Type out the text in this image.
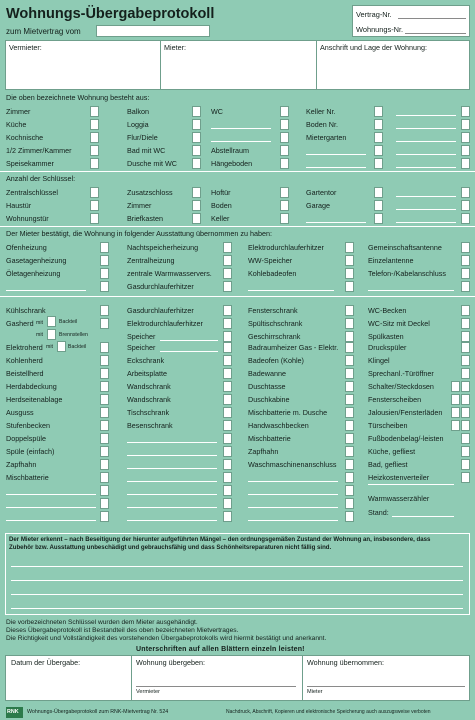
Wohnungs-Übergabeprotokoll
zum Mietvertrag vom
Vertrag-Nr.
Wohnungs-Nr.
Vermieter:	Mieter:	Anschrift und Lage der Wohnung:
Die oben bezeichnete Wohnung besteht aus:
Zimmer
Küche
Kochnische
1/2 Zimmer/Kammer
Speisekammer
Balkon
Loggia
Flur/Diele
Bad mit WC
Dusche mit WC
WC
Abstellraum
Hängeboden
Keller Nr.
Boden Nr.
Mietergarten
Anzahl der Schlüssel:
Zentralschlüssel
Haustür
Wohnungstür
Zusatzschloss
Zimmer
Briefkasten
Hoftür
Boden
Keller
Gartentor
Garage
Der Mieter bestätigt, die Wohnung in folgender Ausstattung übernommen zu haben:
Ofenheizung
Gasetagenheizung
Öletagenheizung
Nachtspeicherheizung
Zentralheizung
zentrale Warmwasservers.
Gasdurchlauferhitzer
Elektrodurchlauferhitzer
WW-Speicher
Kohlebadeofen
Gemeinschaftsantenne
Einzelantenne
Telefon-/Kabelanschluss
Kühlschrank
Gasherd mit	Backteil
mit	Brennstellen
Elektroherd mit	Backteil
Kohlenherd
Beistellherd
Herdabdeckung
Herdseitenablage
Ausguss
Stufenbecken
Doppelspüle
Spüle (einfach)
Zapfhahn
Mischbatterie
Gasdurchlauferhitzer
Elektrodurchlauferhitzer
Speicher
Speicher
Eckschrank
Arbeitsplatte
Wandschrank
Wandschrank
Tischschrank
Besenschrank
Fensterschrank
Spültischschrank
Geschirrschrank
Badraumheizer Gas - Elektr.
Badeofen (Kohle)
Badewanne
Duschtasse
Duschkabine
Mischbatterie m. Dusche
Handwaschbecken
Mischbatterie
Zapfhahn
Waschmaschinenanschluss
WC-Becken
WC-Sitz mit Deckel
Spülkasten
Druckspüler
Klingel
Sprechanl.-Türöffner
Schalter/Steckdosen
Fensterscheiben
Jalousien/Fensterläden
Türscheiben
Fußbodenbelag/-leisten
Küche, gefliest
Bad, gefliest
Heizkostenverteiler
Warmwasserzähler
Stand:
Der Mieter erkennt – nach Beseitigung der hierunter aufgeführten Mängel – den ordnungsgemäßen Zustand der Wohnung an, insbesondere, dass
Zubehör bzw. Ausstattung unbeschädigt und gebrauchsfähig und dass Schönheitsreparaturen nicht fällig sind.
Die vorbezeichneten Schlüssel wurden dem Mieter ausgehändigt.
Dieses Übergabeprotokoll ist Bestandteil des oben bezeichneten Mietvertrages.
Die Richtigkeit und Vollständigkeit des vorstehenden Übergabeprotokolls wird hiermit bestätigt und anerkannt.
Unterschriften auf allen Blättern einzeln leisten!
Datum der Übergabe:	Wohnung übergeben:	Wohnung übernommen:
Vermieter	Mieter
RNK Wohnungs-Übergabeprotokoll zum RNK-Mietvertrag Nr. 524	Nachdruck, Abschrift, Kopieren und elektronische Speicherung auch auszugsweise verboten
